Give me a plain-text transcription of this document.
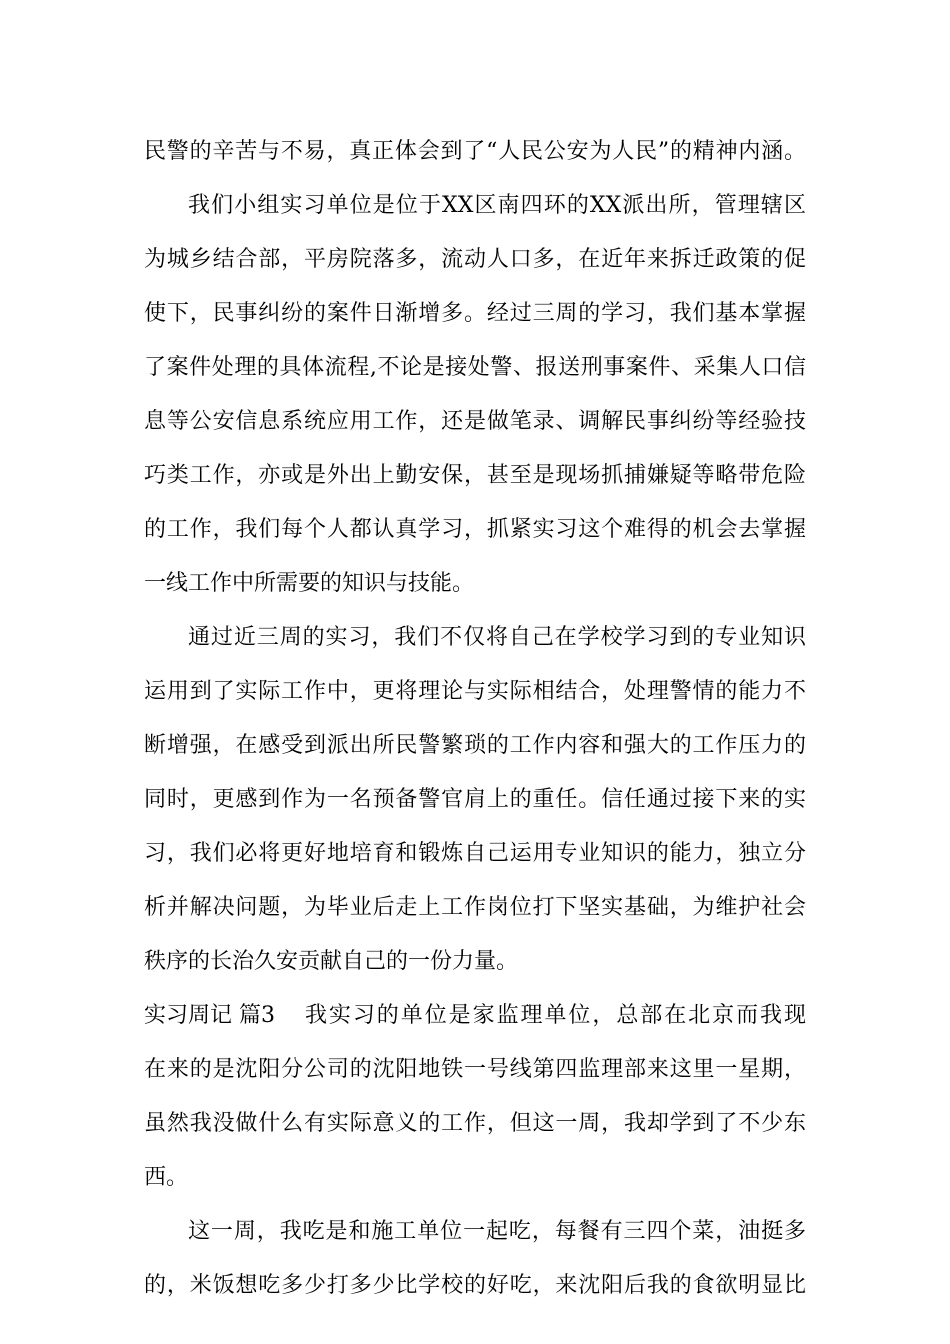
民警的辛苦与不易，真正体会到了“人民公安为人民”的精神内涵。
我们小组实习单位是位于XX区南四环的XX派出所，管理辖区
为城乡结合部，平房院落多，流动人口多，在近年来拆迁政策的促
使下，民事纠纷的案件日渐增多。经过三周的学习，我们基本掌握
了案件处理的具体流程,不论是接处警、报送刑事案件、采集人口信
息等公安信息系统应用工作，还是做笔录、调解民事纠纷等经验技
巧类工作，亦或是外出上勤安保，甚至是现场抓捕嫌疑等略带危险
的工作，我们每个人都认真学习，抓紧实习这个难得的机会去掌握
一线工作中所需要的知识与技能。
通过近三周的实习，我们不仅将自己在学校学习到的专业知识
运用到了实际工作中，更将理论与实际相结合，处理警情的能力不
断增强，在感受到派出所民警繁琐的工作内容和强大的工作压力的
同时，更感到作为一名预备警官肩上的重任。信任通过接下来的实
习，我们必将更好地培育和锻炼自己运用专业知识的能力，独立分
析并解决问题，为毕业后走上工作岗位打下坚实基础，为维护社会
秩序的长治久安贡献自己的一份力量。
实习周记 篇3 我实习的单位是家监理单位，总部在北京而我现
在来的是沈阳分公司的沈阳地铁一号线第四监理部来这里一星期，
虽然我没做什么有实际意义的工作，但这一周，我却学到了不少东
西。
这一周，我吃是和施工单位一起吃，每餐有三四个菜，油挺多
的，米饭想吃多少打多少比学校的好吃，来沈阳后我的食欲明显比
